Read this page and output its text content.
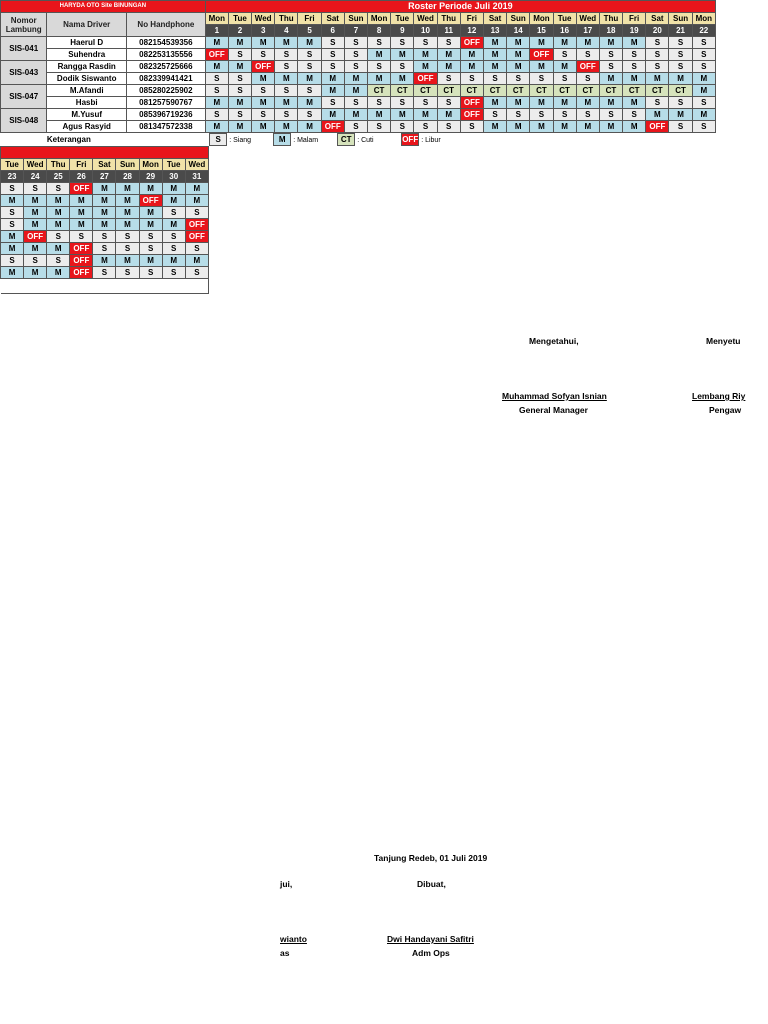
HARYDA OTO Site BINUNGAN			Roster Periode Juli 2019																					
Nomor Lambung	Nama Driver	No Handphone	Mon	Tue	Wed	Thu	Fri	Sat	Sun	Mon	Tue	Wed	Thu	Fri	Sat	Sun	Mon	Tue	Wed	Thu	Fri	Sat	Sun	Mon
			1	2	3	4	5	6	7	8	9	10	11	12	13	14	15	16	17	18	19	20	21	22
SIS-041	Haerul D	082154539356	M	M	M	M	M	S	S	S	S	S	S	OFF	M	M	M	M	M	M	M	S	S	S
	Suhendra	082253135556	OFF	S	S	S	S	S	S	M	M	M	M	M	M	M	OFF	S	S	S	S	S	S	S
SIS-043	Rangga Rasdin	082325725666	M	M	OFF	S	S	S	S	S	S	M	M	M	M	M	M	M	OFF	S	S	S	S	S
	Dodik Siswanto	082339941421	S	S	M	M	M	M	M	M	M	OFF	S	S	S	S	S	S	S	M	M	M	M	M
SIS-047	M.Afandi	085280225902	S	S	S	S	S	M	M	CT	CT	CT	CT	CT	CT	CT	CT	CT	CT	CT	CT	CT	CT	M
	Hasbi	081257590767	M	M	M	M	M	S	S	S	S	S	S	OFF	M	M	M	M	M	M	M	S	S	S
SIS-048	M.Yusuf	085396719236	S	S	S	S	S	M	M	M	M	M	M	OFF	S	S	S	S	S	S	S	M	M	M
	Agus Rasyid	081347572338	M	M	M	M	M	OFF	S	S	S	S	S	S	M	M	M	M	M	M	M	OFF	S	S
	Keterangan		S : Siang M : Malam CT : Cuti OFF : Libur																					

Tue	Wed	Thu	Fri	Sat	Sun	Mon	Tue	Wed
23	24	25	26	27	28	29	30	31
S	S	S	OFF	M	M	M	M	M
M	M	M	M	M	M	OFF	M	M
S	M	M	M	M	M	M	S	S
S	M	M	M	M	M	M	M	OFF
M	OFF	S	S	S	S	S	S	OFF
M	M	M	OFF	S	S	S	S	S
S	S	S	OFF	M	M	M	M	M
M	M	M	OFF	S	S	S	S	S

Mengetahui,	Menyetu
Muhammad Sofyan Isnian
General Manager
Lembang Riy
Pengaw
Tanjung Redeb, 01 Juli 2019
jui,	Dibuat,
wianto
as
Dwi Handayani Safitri
Adm Ops
